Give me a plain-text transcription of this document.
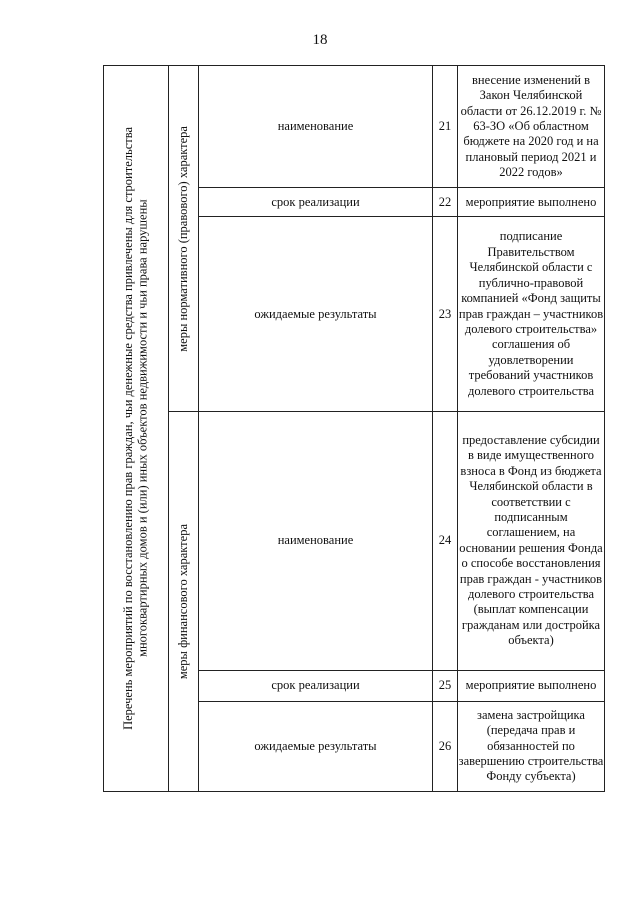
18
Перечень мероприятий по восстановлению прав граждан, чьи денежные средства привлечены для строительства многоквартирных домов и (или) иных объектов недвижимости и чьи права нарушены	меры нормативного (правового) характера	наименование	21	внесение изменений в Закон Челябинской области от 26.12.2019 г. № 63-ЗО «Об областном бюджете на 2020 год и на плановый период 2021 и 2022 годов»
		срок реализации	22	мероприятие выполнено
		ожидаемые результаты	23	подписание Правительством Челябинской области с публично-правовой компанией «Фонд защиты прав граждан – участников долевого строительства» соглашения об удовлетворении требований участников долевого строительства

	меры финансового характера	наименование	24	предоставление субсидии в виде имущественного взноса в Фонд из бюджета Челябинской области в соответствии с подписанным соглашением, на основании решения Фонда о способе восстановления прав граждан - участников долевого строительства (выплат компенсации гражданам или достройка объекта)
		срок реализации	25	мероприятие выполнено
		ожидаемые результаты	26	замена застройщика (передача прав и обязанностей по завершению строительства Фонду субъекта)
